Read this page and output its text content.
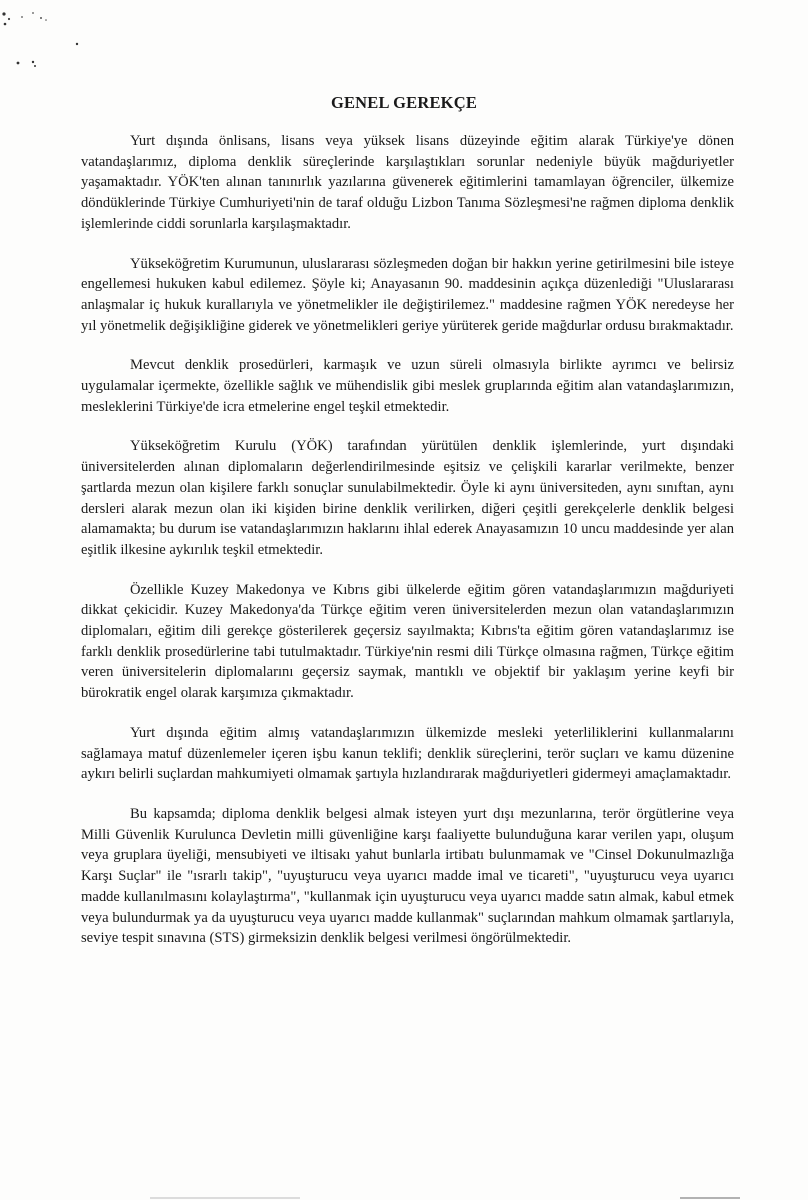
GENEL GEREKÇE

Yurt dışında önlisans, lisans veya yüksek lisans düzeyinde eğitim alarak Türkiye'ye dönen vatandaşlarımız, diploma denklik süreçlerinde karşılaştıkları sorunlar nedeniyle büyük mağduriyetler yaşamaktadır. YÖK'ten alınan tanınırlık yazılarına güvenerek eğitimlerini tamamlayan öğrenciler, ülkemize döndüklerinde Türkiye Cumhuriyeti'nin de taraf olduğu Lizbon Tanıma Sözleşmesi'ne rağmen diploma denklik işlemlerinde ciddi sorunlarla karşılaşmaktadır.

Yükseköğretim Kurumunun, uluslararası sözleşmeden doğan bir hakkın yerine getirilmesini bile isteye engellemesi hukuken kabul edilemez. Şöyle ki; Anayasanın 90. maddesinin açıkça düzenlediği "Uluslararası anlaşmalar iç hukuk kurallarıyla ve yönetmelikler ile değiştirilemez." maddesine rağmen YÖK neredeyse her yıl yönetmelik değişikliğine giderek ve yönetmelikleri geriye yürüterek geride mağdurlar ordusu bırakmaktadır.

Mevcut denklik prosedürleri, karmaşık ve uzun süreli olmasıyla birlikte ayrımcı ve belirsiz uygulamalar içermekte, özellikle sağlık ve mühendislik gibi meslek gruplarında eğitim alan vatandaşlarımızın, mesleklerini Türkiye'de icra etmelerine engel teşkil etmektedir.

Yükseköğretim Kurulu (YÖK) tarafından yürütülen denklik işlemlerinde, yurt dışındaki üniversitelerden alınan diplomaların değerlendirilmesinde eşitsiz ve çelişkili kararlar verilmekte, benzer şartlarda mezun olan kişilere farklı sonuçlar sunulabilmektedir. Öyle ki aynı üniversiteden, aynı sınıftan, aynı dersleri alarak mezun olan iki kişiden birine denklik verilirken, diğeri çeşitli gerekçelerle denklik belgesi alamamakta; bu durum ise vatandaşlarımızın haklarını ihlal ederek Anayasamızın 10 uncu maddesinde yer alan eşitlik ilkesine aykırılık teşkil etmektedir.

Özellikle Kuzey Makedonya ve Kıbrıs gibi ülkelerde eğitim gören vatandaşlarımızın mağduriyeti dikkat çekicidir. Kuzey Makedonya'da Türkçe eğitim veren üniversitelerden mezun olan vatandaşlarımızın diplomaları, eğitim dili gerekçe gösterilerek geçersiz sayılmakta; Kıbrıs'ta eğitim gören vatandaşlarımız ise farklı denklik prosedürlerine tabi tutulmaktadır. Türkiye'nin resmi dili Türkçe olmasına rağmen, Türkçe eğitim veren üniversitelerin diplomalarını geçersiz saymak, mantıklı ve objektif bir yaklaşım yerine keyfi bir bürokratik engel olarak karşımıza çıkmaktadır.

Yurt dışında eğitim almış vatandaşlarımızın ülkemizde mesleki yeterliliklerini kullanmalarını sağlamaya matuf düzenlemeler içeren işbu kanun teklifi; denklik süreçlerini, terör suçları ve kamu düzenine aykırı belirli suçlardan mahkumiyeti olmamak şartıyla hızlandırarak mağduriyetleri gidermeyi amaçlamaktadır.

Bu kapsamda; diploma denklik belgesi almak isteyen yurt dışı mezunlarına, terör örgütlerine veya Milli Güvenlik Kurulunca Devletin milli güvenliğine karşı faaliyette bulunduğuna karar verilen yapı, oluşum veya gruplara üyeliği, mensubiyeti ve iltisakı yahut bunlarla irtibatı bulunmamak ve "Cinsel Dokunulmazlığa Karşı Suçlar" ile "ısrarlı takip", "uyuşturucu veya uyarıcı madde imal ve ticareti", "uyuşturucu veya uyarıcı madde kullanılmasını kolaylaştırma", "kullanmak için uyuşturucu veya uyarıcı madde satın almak, kabul etmek veya bulundurmak ya da uyuşturucu veya uyarıcı madde kullanmak" suçlarından mahkum olmamak şartlarıyla, seviye tespit sınavına (STS) girmeksizin denklik belgesi verilmesi öngörülmektedir.
